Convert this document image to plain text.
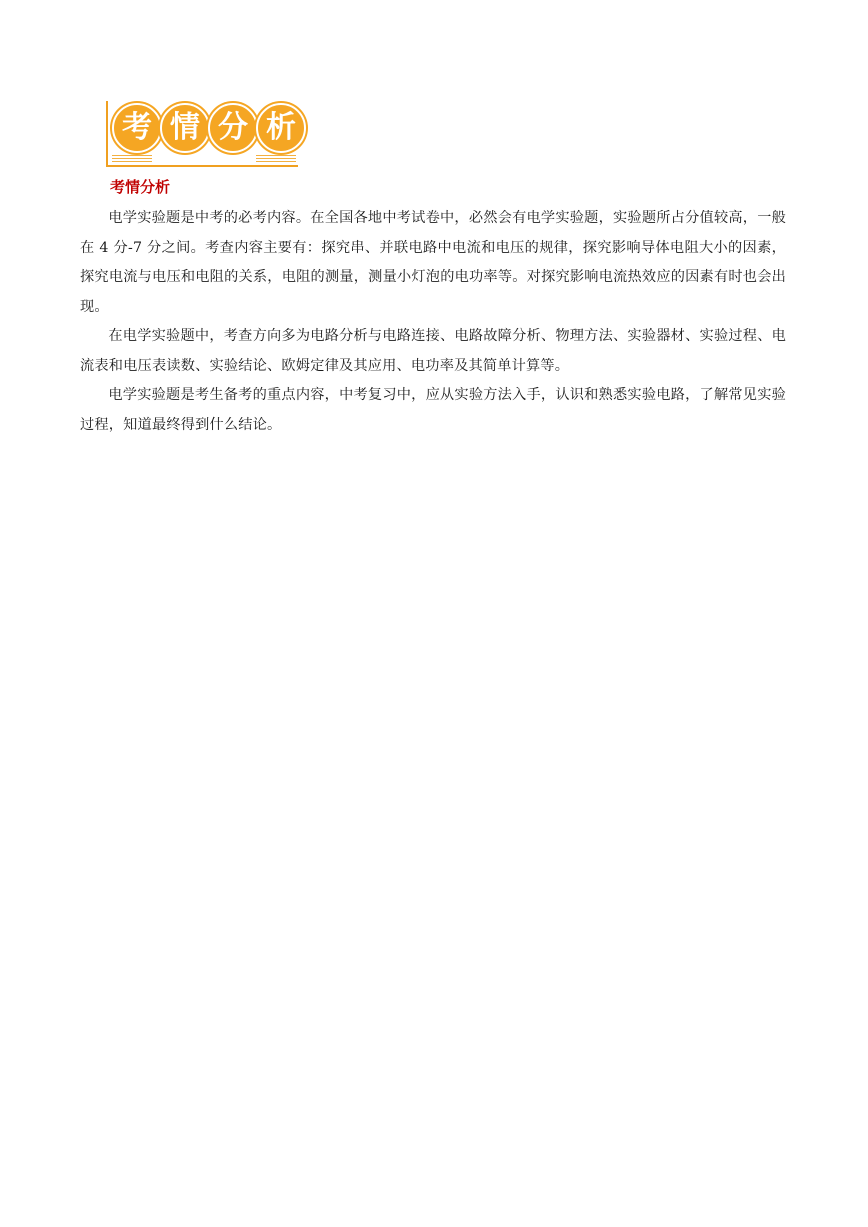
考 情 分 析
考情分析

电学实验题是中考的必考内容。在全国各地中考试卷中，必然会有电学实验题，实验题所占分值较高，一般在 4 分-7 分之间。考查内容主要有：探究串、并联电路中电流和电压的规律，探究影响导体电阻大小的因素，探究电流与电压和电阻的关系，电阻的测量，测量小灯泡的电功率等。对探究影响电流热效应的因素有时也会出现。

在电学实验题中，考查方向多为电路分析与电路连接、电路故障分析、物理方法、实验器材、实验过程、电流表和电压表读数、实验结论、欧姆定律及其应用、电功率及其简单计算等。

电学实验题是考生备考的重点内容，中考复习中，应从实验方法入手，认识和熟悉实验电路，了解常见实验过程，知道最终得到什么结论。
